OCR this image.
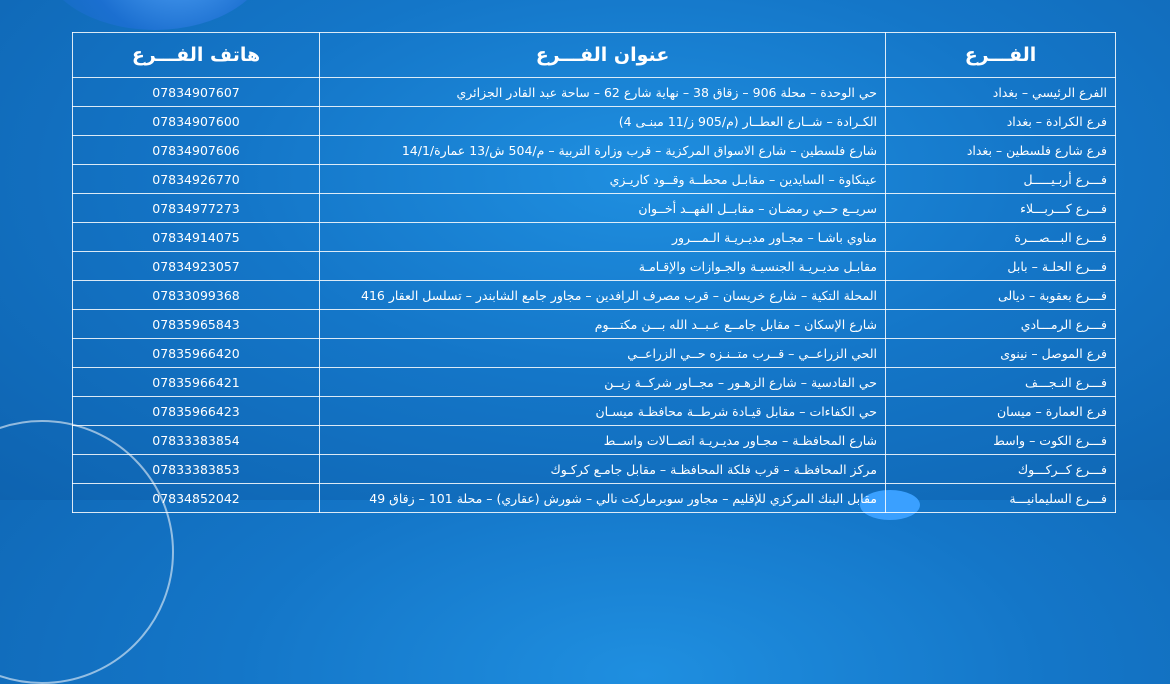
الفـــرع	عنوان الفـــرع	هاتف الفـــرع
الفرع الرئيسي – بغداد	حي الوحدة – محلة 906 – زقاق 38 – نهاية شارع 62 – ساحة عبد القادر الجزائري	07834907607
فرع الكرادة – بغداد	الكـرادة – شــارع العطــار (م/905 ز/11 مبنـى 4)	07834907600
فرع شارع فلسطين – بغداد	شارع فلسطين – شارع الاسواق المركزية – قرب وزارة التربية – م/504 ش/13 عمارة/14/1	07834907606
فـــرع أربـيـــــل	عينكاوة – السايدين – مقابـل محطــة وقــود كاريـزي	07834926770
فـــرع كـــربـــلاء	سريــع حــي رمضـان – مقابــل الفهــد أخــوان	07834977273
فـــرع البـــصـــرة	مناوي باشـا – مجـاور مديـريـة الـمـــرور	07834914075
فـــرع الحلـة – بابل	مقابـل مديـريـة الجنسيـة والجـوازات والإقـامـة	07834923057
فـــرع بعقوبة – ديالى	المحلة التكية – شارع خريسان – قرب مصرف الرافدين – مجاور جامع الشابندر – تسلسل العقار 416	07833099368
فـــرع الرمـــادي	شارع الإسكان – مقابل جامــع عـبــد الله بـــن مكتـــوم	07835965843
فرع الموصل – نينوى	الحي الزراعــي – قــرب متــنـزه حــي الزراعــي	07835966420
فـــرع النـجـــف	حي القادسية – شارع الزهـور – مجــاور شركــة زيــن	07835966421
فرع العمارة – ميسان	حي الكفاءات – مقابل قيـادة شرطــة محافظـة ميسـان	07835966423
فـــرع الكوت – واسط	شارع المحافظـة – مجـاور مديـريـة اتصــالات واســط	07833383854
فـــرع كــركـــوك	مركز المحافظـة – قرب فلكة المحافظـة – مقابل جامـع كركـوك	07833383853
فـــرع السليمانيـــة	مقابل البنك المركزي للإقليم – مجاور سوبرماركت نالي – شورش (عقاري) – محلة 101 – زقاق 49	07834852042
